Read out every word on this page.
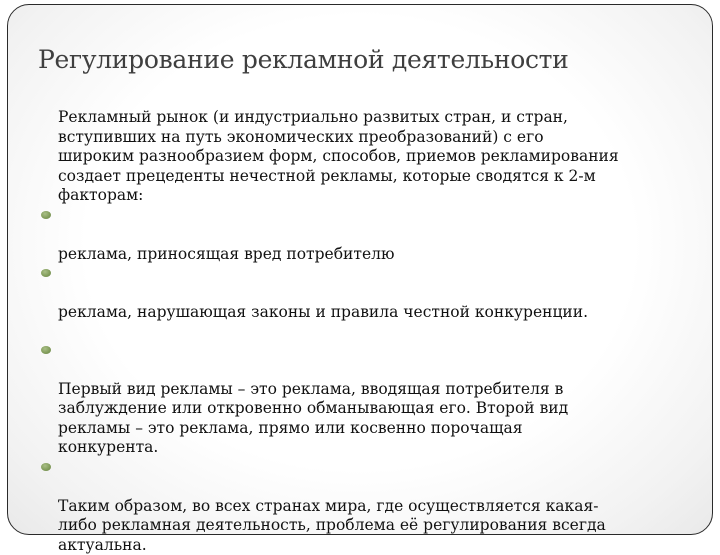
Регулирование рекламной деятельности

Рекламный рынок (и индустриально развитых стран, и стран,
вступивших на путь экономических преобразований) с его
широким разнообразием форм, способов, приемов рекламирования
создает прецеденты нечестной рекламы, которые сводятся к 2-м
факторам:

реклама, приносящая вред потребителю

реклама, нарушающая законы и правила честной конкуренции.

Первый вид рекламы – это реклама, вводящая потребителя в
заблуждение или откровенно обманывающая его. Второй вид
рекламы – это реклама, прямо или косвенно порочащая
конкурента.

Таким образом, во всех странах мира, где осуществляется какая-
либо рекламная деятельность, проблема её регулирования всегда
актуальна.
